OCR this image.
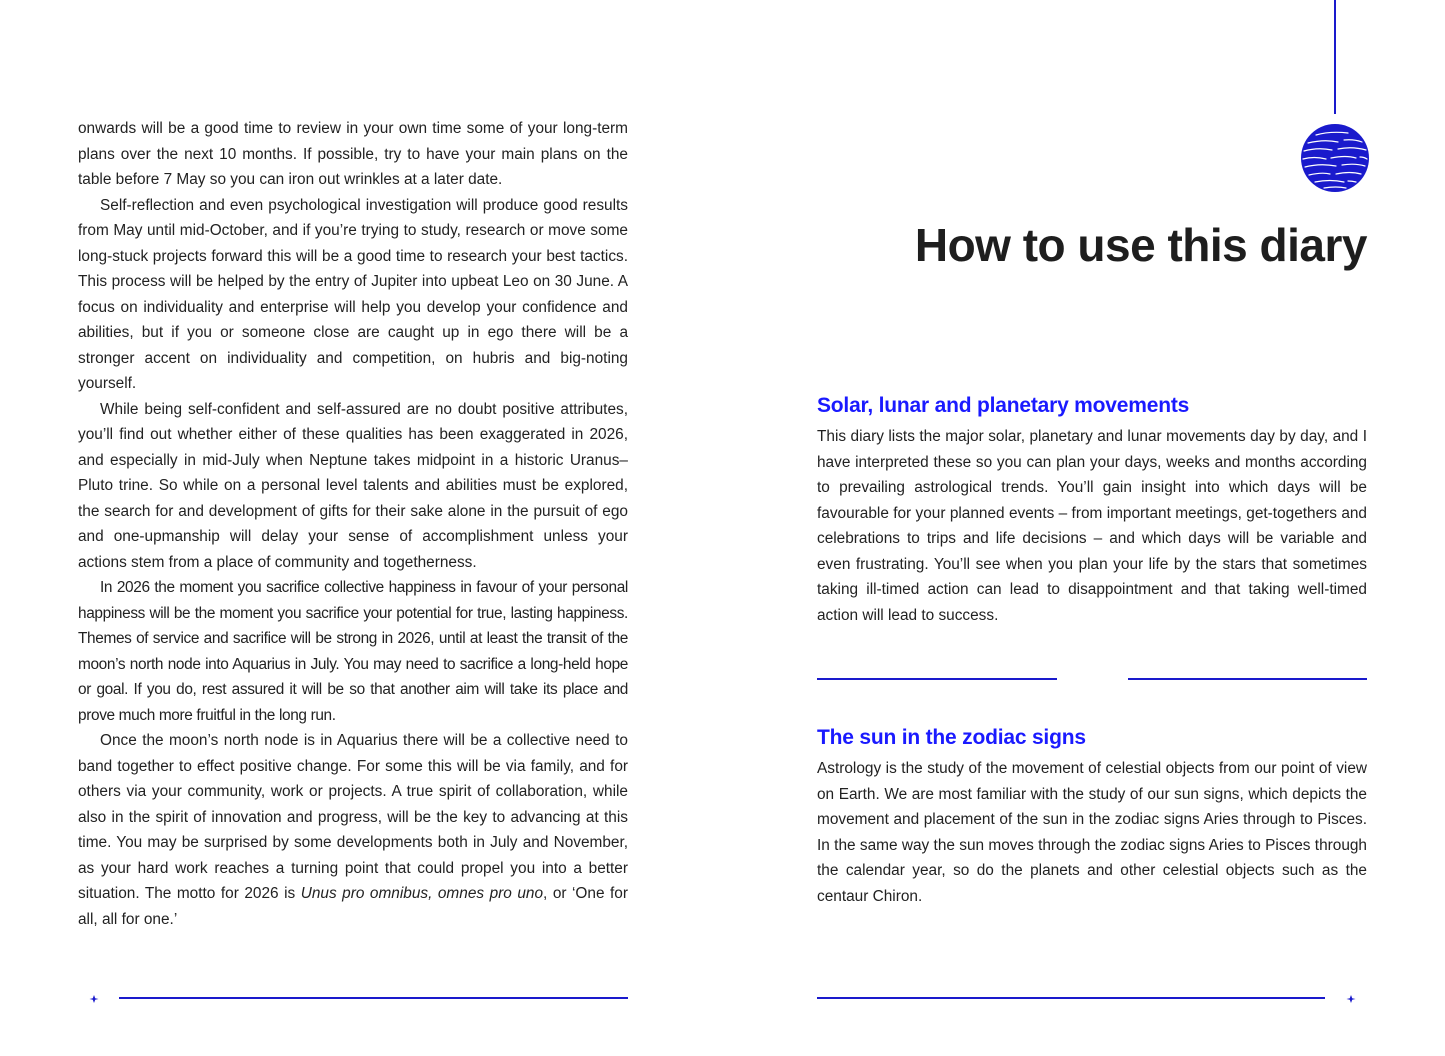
onwards will be a good time to review in your own time some of your long-term plans over the next 10 months. If possible, try to have your main plans on the table before 7 May so you can iron out wrinkles at a later date.

Self-reflection and even psychological investigation will produce good results from May until mid-October, and if you’re trying to study, research or move some long-stuck projects forward this will be a good time to research your best tactics. This process will be helped by the entry of Jupiter into upbeat Leo on 30 June. A focus on individuality and enterprise will help you develop your confidence and abilities, but if you or someone close are caught up in ego there will be a stronger accent on individuality and competition, on hubris and big-noting yourself.

While being self-confident and self-assured are no doubt positive attributes, you’ll find out whether either of these qualities has been exaggerated in 2026, and especially in mid-July when Neptune takes midpoint in a historic Uranus–Pluto trine. So while on a personal level talents and abilities must be explored, the search for and development of gifts for their sake alone in the pursuit of ego and one-upmanship will delay your sense of accomplishment unless your actions stem from a place of community and togetherness.

In 2026 the moment you sacrifice collective happiness in favour of your personal happiness will be the moment you sacrifice your potential for true, lasting happiness. Themes of service and sacrifice will be strong in 2026, until at least the transit of the moon’s north node into Aquarius in July. You may need to sacrifice a long-held hope or goal. If you do, rest assured it will be so that another aim will take its place and prove much more fruitful in the long run.

Once the moon’s north node is in Aquarius there will be a collective need to band together to effect positive change. For some this will be via family, and for others via your community, work or projects. A true spirit of collaboration, while also in the spirit of innovation and progress, will be the key to advancing at this time. You may be surprised by some developments both in July and November, as your hard work reaches a turning point that could propel you into a better situation. The motto for 2026 is Unus pro omnibus, omnes pro uno, or ‘One for all, all for one.’

How to use this diary
Solar, lunar and planetary movements

This diary lists the major solar, planetary and lunar movements day by day, and I have interpreted these so you can plan your days, weeks and months according to prevailing astrological trends. You’ll gain insight into which days will be favourable for your planned events – from important meetings, get-togethers and celebrations to trips and life decisions – and which days will be variable and even frustrating. You’ll see when you plan your life by the stars that sometimes taking ill-timed action can lead to disappointment and that taking well-timed action will lead to success.

The sun in the zodiac signs

Astrology is the study of the movement of celestial objects from our point of view on Earth. We are most familiar with the study of our sun signs, which depicts the movement and placement of the sun in the zodiac signs Aries through to Pisces. In the same way the sun moves through the zodiac signs Aries to Pisces through the calendar year, so do the planets and other celestial objects such as the centaur Chiron.
